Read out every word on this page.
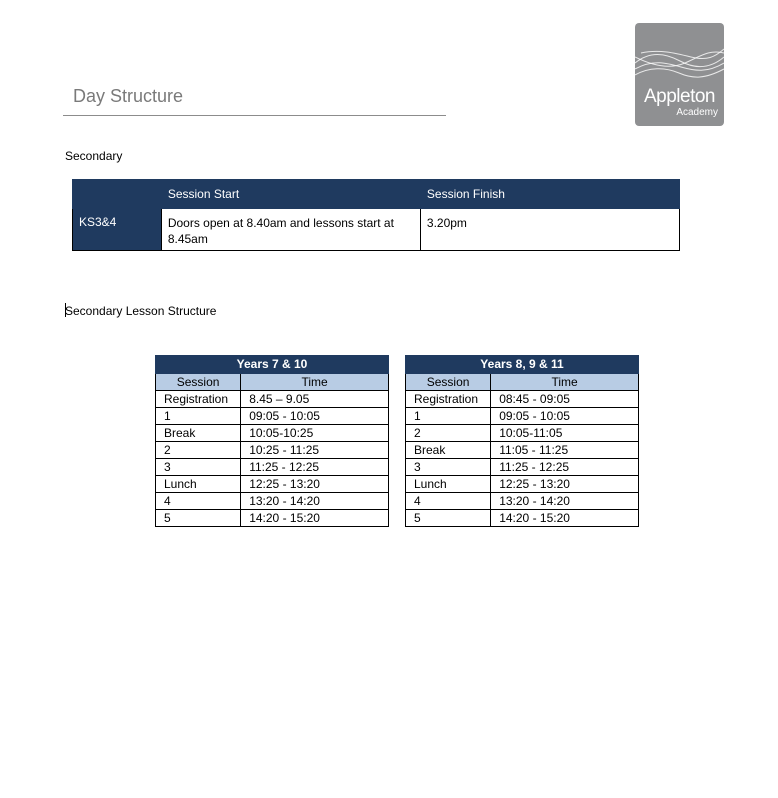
Day Structure	Appleton
Academy
Secondary
	Session Start	Session Finish
KS3&4	Doors open at 8.40am and lessons start at 8.45am	3.20pm
Secondary Lesson Structure
Years 7 & 10	
Session	Time
Registration	8.45 – 9.05
1	09:05 - 10:05
Break	10:05-10:25
2	10:25 - 11:25
3	11:25 - 12:25
Lunch	12:25 - 13:20
4	13:20 - 14:20
5	14:20 - 15:20
Years 8, 9 & 11	
Session	Time
Registration	08:45 - 09:05
1	09:05 - 10:05
2	10:05-11:05
Break	11:05 - 11:25
3	11:25 - 12:25
Lunch	12:25 - 13:20
4	13:20 - 14:20
5	14:20 - 15:20
